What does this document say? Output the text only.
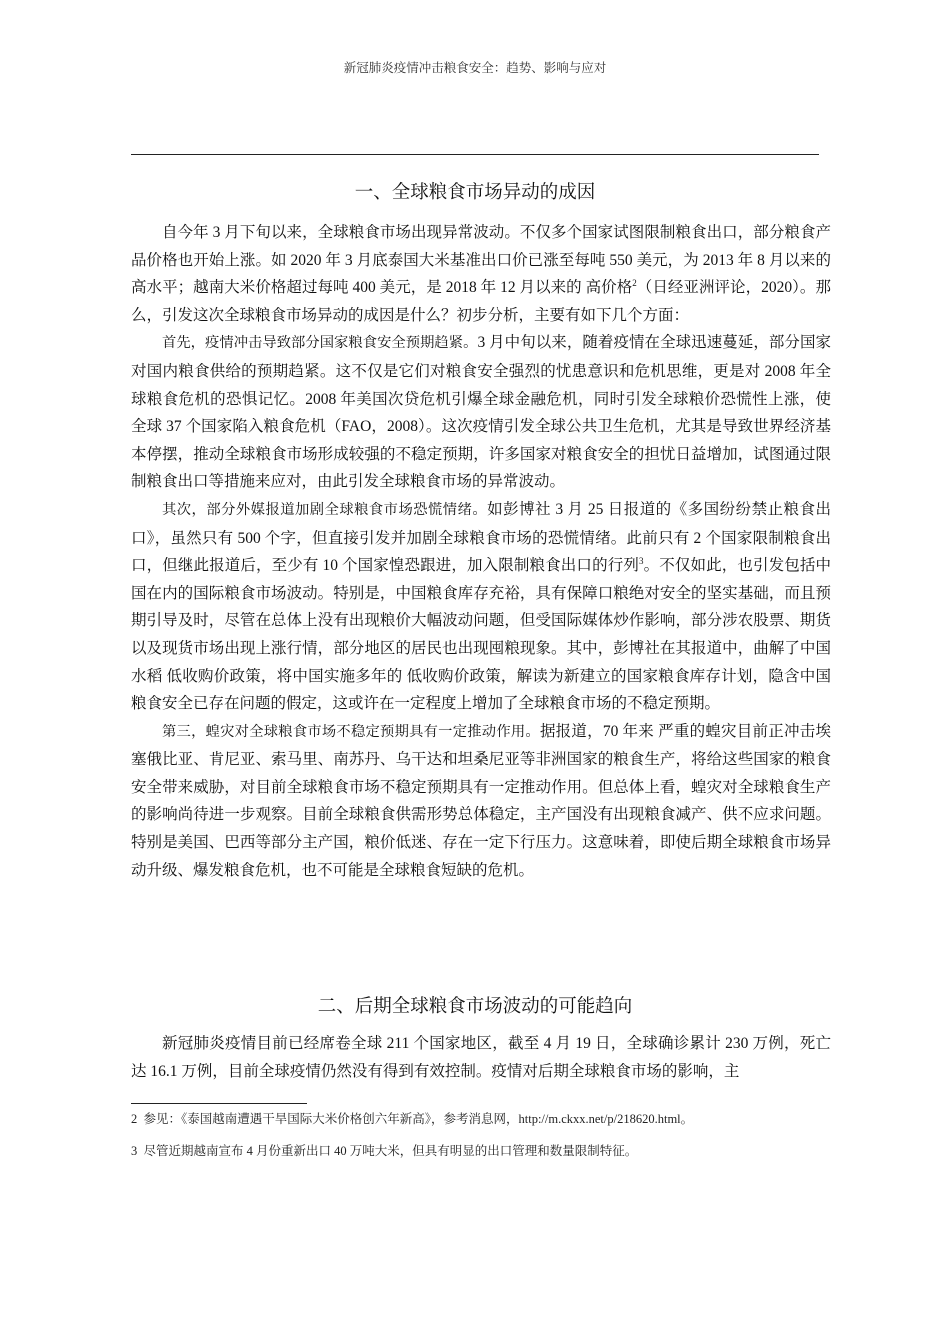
新冠肺炎疫情冲击粮食安全：趋势、影响与应对
一、全球粮食市场异动的成因

自今年 3 月下旬以来，全球粮食市场出现异常波动。不仅多个国家试图限制粮食出口，部分粮食产品价格也开始上涨。如 2020 年 3 月底泰国大米基准出口价已涨至每吨 550 美元，为 2013 年 8 月以来的 高水平；越南大米价格超过每吨 400 美元，是 2018 年 12 月以来的 高价格$^2$（日经亚洲评论，2020）。那么，引发这次全球粮食市场异动的成因是什么？初步分析，主要有如下几个方面：

首先，疫情冲击导致部分国家粮食安全预期趋紧。3 月中旬以来，随着疫情在全球迅速蔓延，部分国家对国内粮食供给的预期趋紧。这不仅是它们对粮食安全强烈的忧患意识和危机思维，更是对 2008 年全球粮食危机的恐惧记忆。2008 年美国次贷危机引爆全球金融危机，同时引发全球粮价恐慌性上涨，使全球 37 个国家陷入粮食危机（FAO，2008）。这次疫情引发全球公共卫生危机，尤其是导致世界经济基本停摆，推动全球粮食市场形成较强的不稳定预期，许多国家对粮食安全的担忧日益增加，试图通过限制粮食出口等措施来应对，由此引发全球粮食市场的异常波动。

其次，部分外媒报道加剧全球粮食市场恐慌情绪。如彭博社 3 月 25 日报道的《多国纷纷禁止粮食出口》，虽然只有 500 个字，但直接引发并加剧全球粮食市场的恐慌情绪。此前只有 2 个国家限制粮食出口，但继此报道后，至少有 10 个国家惶恐跟进，加入限制粮食出口的行列$^3$。不仅如此，也引发包括中国在内的国际粮食市场波动。特别是，中国粮食库存充裕，具有保障口粮绝对安全的坚实基础，而且预期引导及时，尽管在总体上没有出现粮价大幅波动问题，但受国际媒体炒作影响，部分涉农股票、期货以及现货市场出现上涨行情，部分地区的居民也出现囤粮现象。其中，彭博社在其报道中，曲解了中国水稻 低收购价政策，将中国实施多年的 低收购价政策，解读为新建立的国家粮食库存计划，隐含中国粮食安全已存在问题的假定，这或许在一定程度上增加了全球粮食市场的不稳定预期。

第三，蝗灾对全球粮食市场不稳定预期具有一定推动作用。据报道，70 年来 严重的蝗灾目前正冲击埃塞俄比亚、肯尼亚、索马里、南苏丹、乌干达和坦桑尼亚等非洲国家的粮食生产，将给这些国家的粮食安全带来威胁，对目前全球粮食市场不稳定预期具有一定推动作用。但总体上看，蝗灾对全球粮食生产的影响尚待进一步观察。目前全球粮食供需形势总体稳定，主产国没有出现粮食减产、供不应求问题。特别是美国、巴西等部分主产国，粮价低迷、存在一定下行压力。这意味着，即使后期全球粮食市场异动升级、爆发粮食危机，也不可能是全球粮食短缺的危机。

二、后期全球粮食市场波动的可能趋向

新冠肺炎疫情目前已经席卷全球 211 个国家地区，截至 4 月 19 日，全球确诊累计 230 万例，死亡达 16.1 万例，目前全球疫情仍然没有得到有效控制。疫情对后期全球粮食市场的影响，主

2 参见：《泰国越南遭遇干旱国际大米价格创六年新高》，参考消息网，http://m.ckxx.net/p/218620.html。

3 尽管近期越南宣布 4 月份重新出口 40 万吨大米，但具有明显的出口管理和数量限制特征。
